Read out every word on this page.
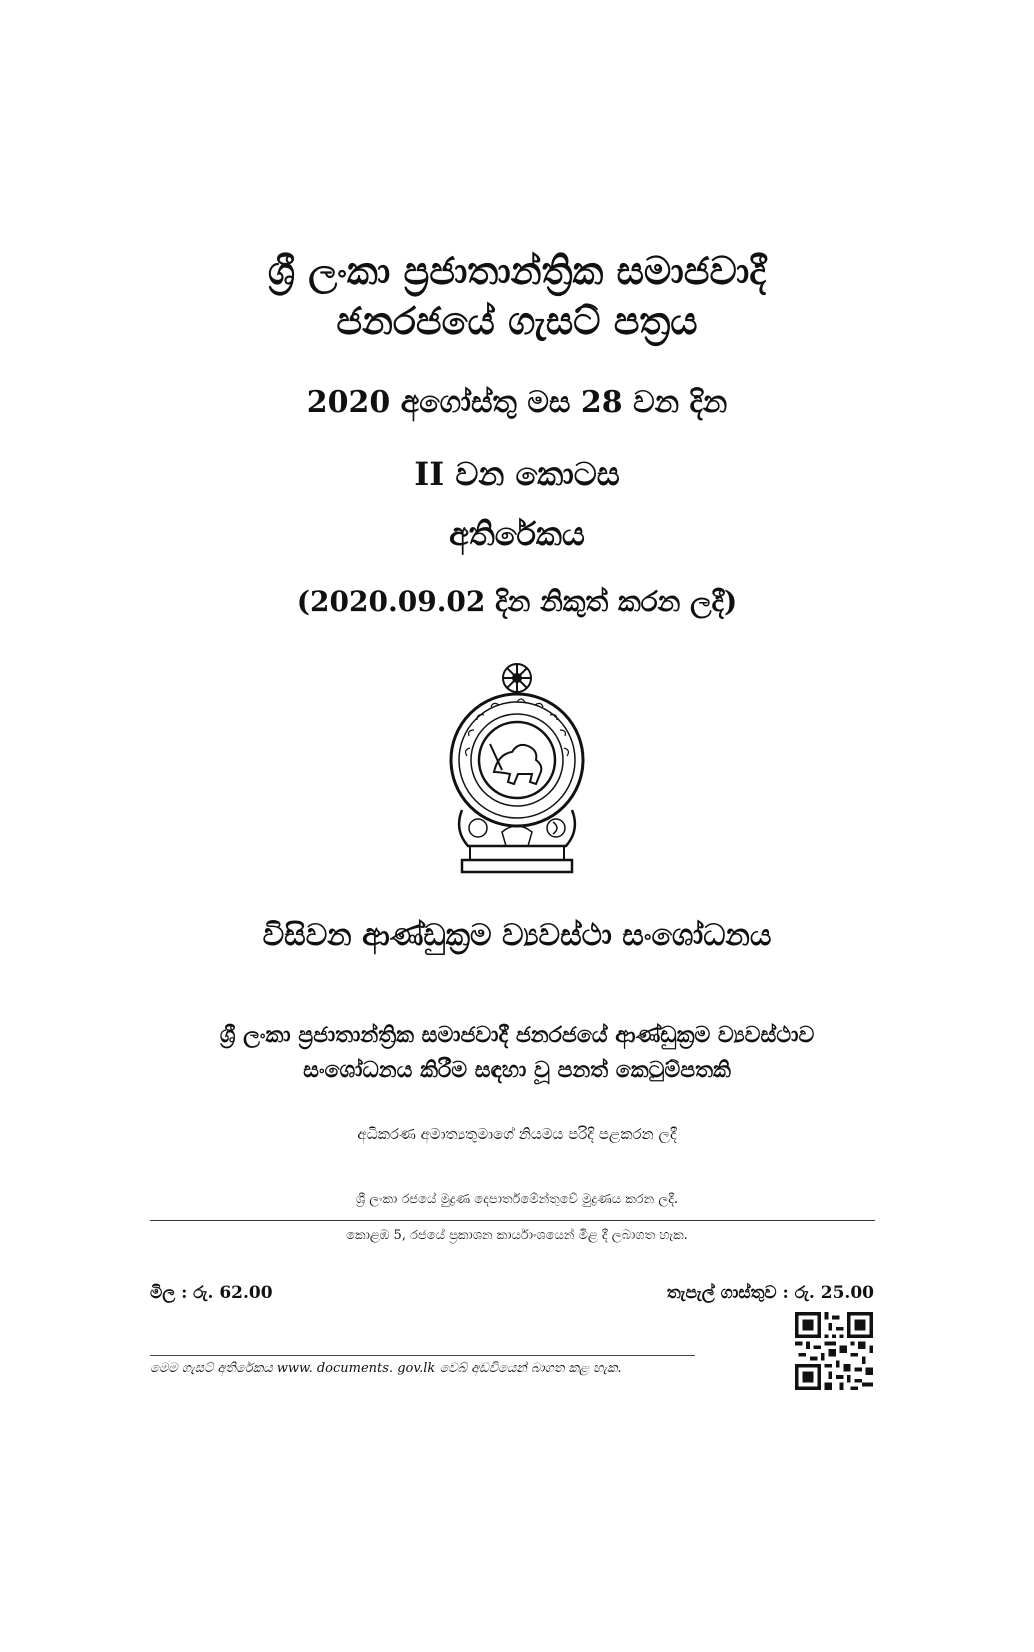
ශ්‍රී ලංකා ප්‍රජාතාන්ත්‍රික සමාජවාදී
ජනරජයේ ගැසට් පත්‍රය
2020 අගෝස්තු මස 28 වන දින
II වන කොටස
අතිරේකය
(2020.09.02 දින නිකුත් කරන ලදී)
විසිවන ආණ්ඩුක්‍රම ව්‍යවස්ථා සංශෝධනය
ශ්‍රී ලංකා ප්‍රජාතාන්ත්‍රික සමාජවාදී ජනරජයේ ආණ්ඩුක්‍රම ව්‍යවස්ථාව
සංශෝධනය කිරීම සඳහා වූ පනත් කෙටුම්පතකි
අධිකරණ අමාත්‍යතුමාගේ නියමය පරිදි පළකරන ලදී
ශ්‍රී ලංකා රජයේ මුද්‍රණ දෙපාර්තමේන්තුවේ මුද්‍රණය කරන ලදී.
කොළඹ 5, රජයේ ප්‍රකාශන කාර්යාංශයෙන් මිළ දී ලබාගත හැක.
මිල : රු. 62.00	තැපැල් ගාස්තුව : රු. 25.00
මෙම ගැසට් අතිරේකය www. documents. gov.lk වෙබ් අඩවියෙන් බාගත කළ හැක.
